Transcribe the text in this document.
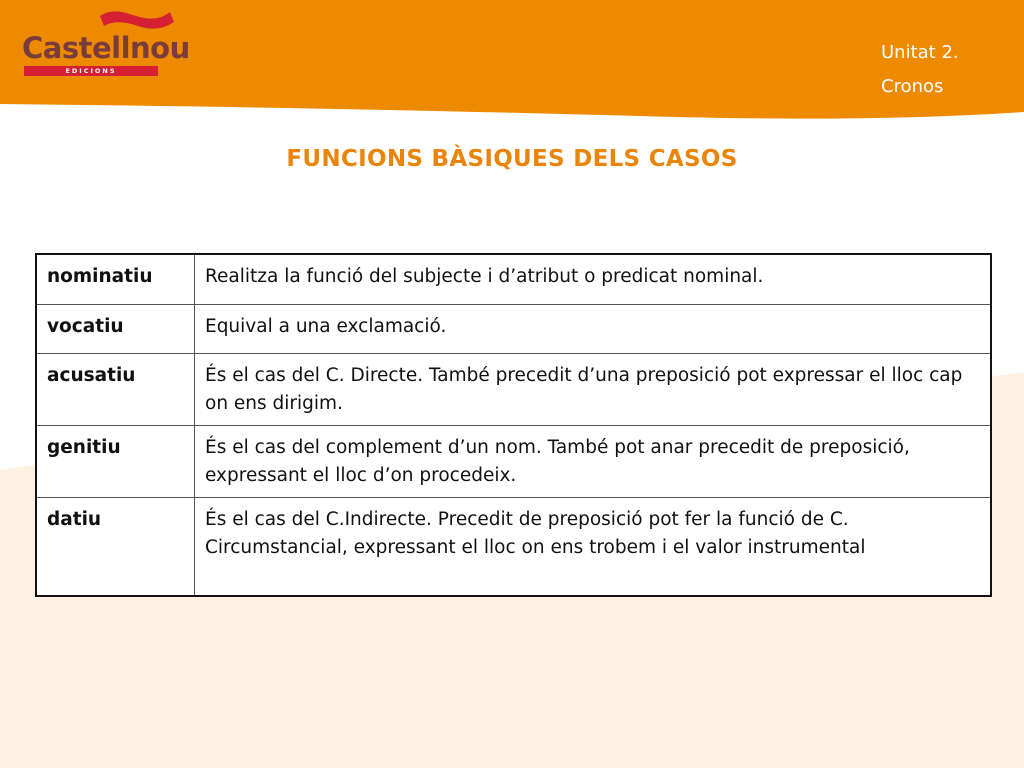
Castellnou
EDICIONS
Unitat 2.
Cronos
FUNCIONS BÀSIQUES DELS CASOS
nominatiu	Realitza la funció del subjecte i d’atribut o predicat nominal.
vocatiu	Equival a una exclamació.
acusatiu	És el cas del C. Directe. També precedit d’una preposició pot expressar el lloc cap on ens dirigim.
genitiu	És el cas del complement d’un nom. També pot anar precedit de preposició, expressant el lloc d’on procedeix.
datiu	És el cas del C.Indirecte. Precedit de preposició pot fer la funció de C. Circumstancial, expressant el lloc on ens trobem i el valor instrumental
